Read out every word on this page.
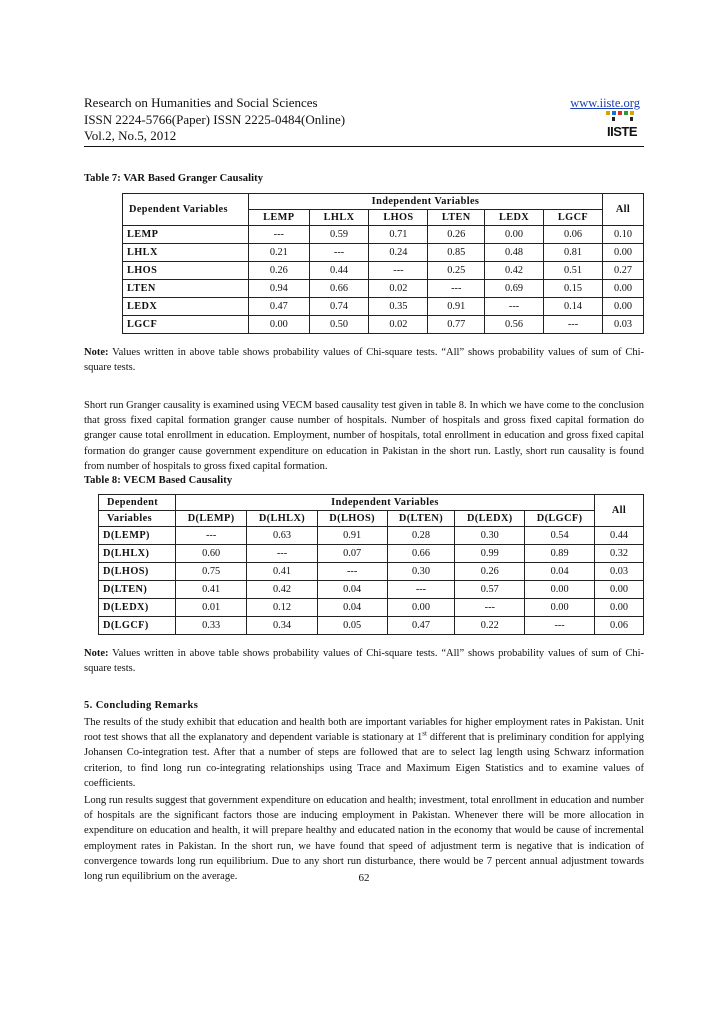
Research on Humanities and Social Sciences
ISSN 2224-5766(Paper) ISSN 2225-0484(Online)
Vol.2, No.5, 2012
www.iiste.org
IISTE
Table 7: VAR Based Granger Causality
Dependent Variables	Independent Variables						All
	LEMP	LHLX	LHOS	LTEN	LEDX	LGCF	
LEMP	---	0.59	0.71	0.26	0.00	0.06	0.10
LHLX	0.21	---	0.24	0.85	0.48	0.81	0.00
LHOS	0.26	0.44	---	0.25	0.42	0.51	0.27
LTEN	0.94	0.66	0.02	---	0.69	0.15	0.00
LEDX	0.47	0.74	0.35	0.91	---	0.14	0.00
LGCF	0.00	0.50	0.02	0.77	0.56	---	0.03
Note: Values written in above table shows probability values of Chi-square tests. “All” shows probability values of sum of Chi-square tests.
Short run Granger causality is examined using VECM based causality test given in table 8. In which we have come to the conclusion that gross fixed capital formation granger cause number of hospitals. Number of hospitals and gross fixed capital formation do granger cause total enrollment in education. Employment, number of hospitals, total enrollment in education and gross fixed capital formation do granger cause government expenditure on education in Pakistan in the short run. Lastly, short run causality is found from number of hospitals to gross fixed capital formation.
Table 8: VECM Based Causality
Dependent	Independent Variables						All
Variables	D(LEMP)	D(LHLX)	D(LHOS)	D(LTEN)	D(LEDX)	D(LGCF)	
D(LEMP)	---	0.63	0.91	0.28	0.30	0.54	0.44
D(LHLX)	0.60	---	0.07	0.66	0.99	0.89	0.32
D(LHOS)	0.75	0.41	---	0.30	0.26	0.04	0.03
D(LTEN)	0.41	0.42	0.04	---	0.57	0.00	0.00
D(LEDX)	0.01	0.12	0.04	0.00	---	0.00	0.00
D(LGCF)	0.33	0.34	0.05	0.47	0.22	---	0.06
Note: Values written in above table shows probability values of Chi-square tests. “All” shows probability values of sum of Chi-square tests.
5. Concluding Remarks
The results of the study exhibit that education and health both are important variables for higher employment rates in Pakistan. Unit root test shows that all the explanatory and dependent variable is stationary at 1st different that is preliminary condition for applying Johansen Co-integration test. After that a number of steps are followed that are to select lag length using Schwarz information criterion, to find long run co-integrating relationships using Trace and Maximum Eigen Statistics and to examine values of coefficients.
Long run results suggest that government expenditure on education and health; investment, total enrollment in education and number of hospitals are the significant factors those are inducing employment in Pakistan. Whenever there will be more allocation in expenditure on education and health, it will prepare healthy and educated nation in the economy that would be cause of incremental employment rates in Pakistan. In the short run, we have found that speed of adjustment term is negative that is indication of convergence towards long run equilibrium. Due to any short run disturbance, there would be 7 percent annual adjustment towards long run equilibrium on the average.	62
